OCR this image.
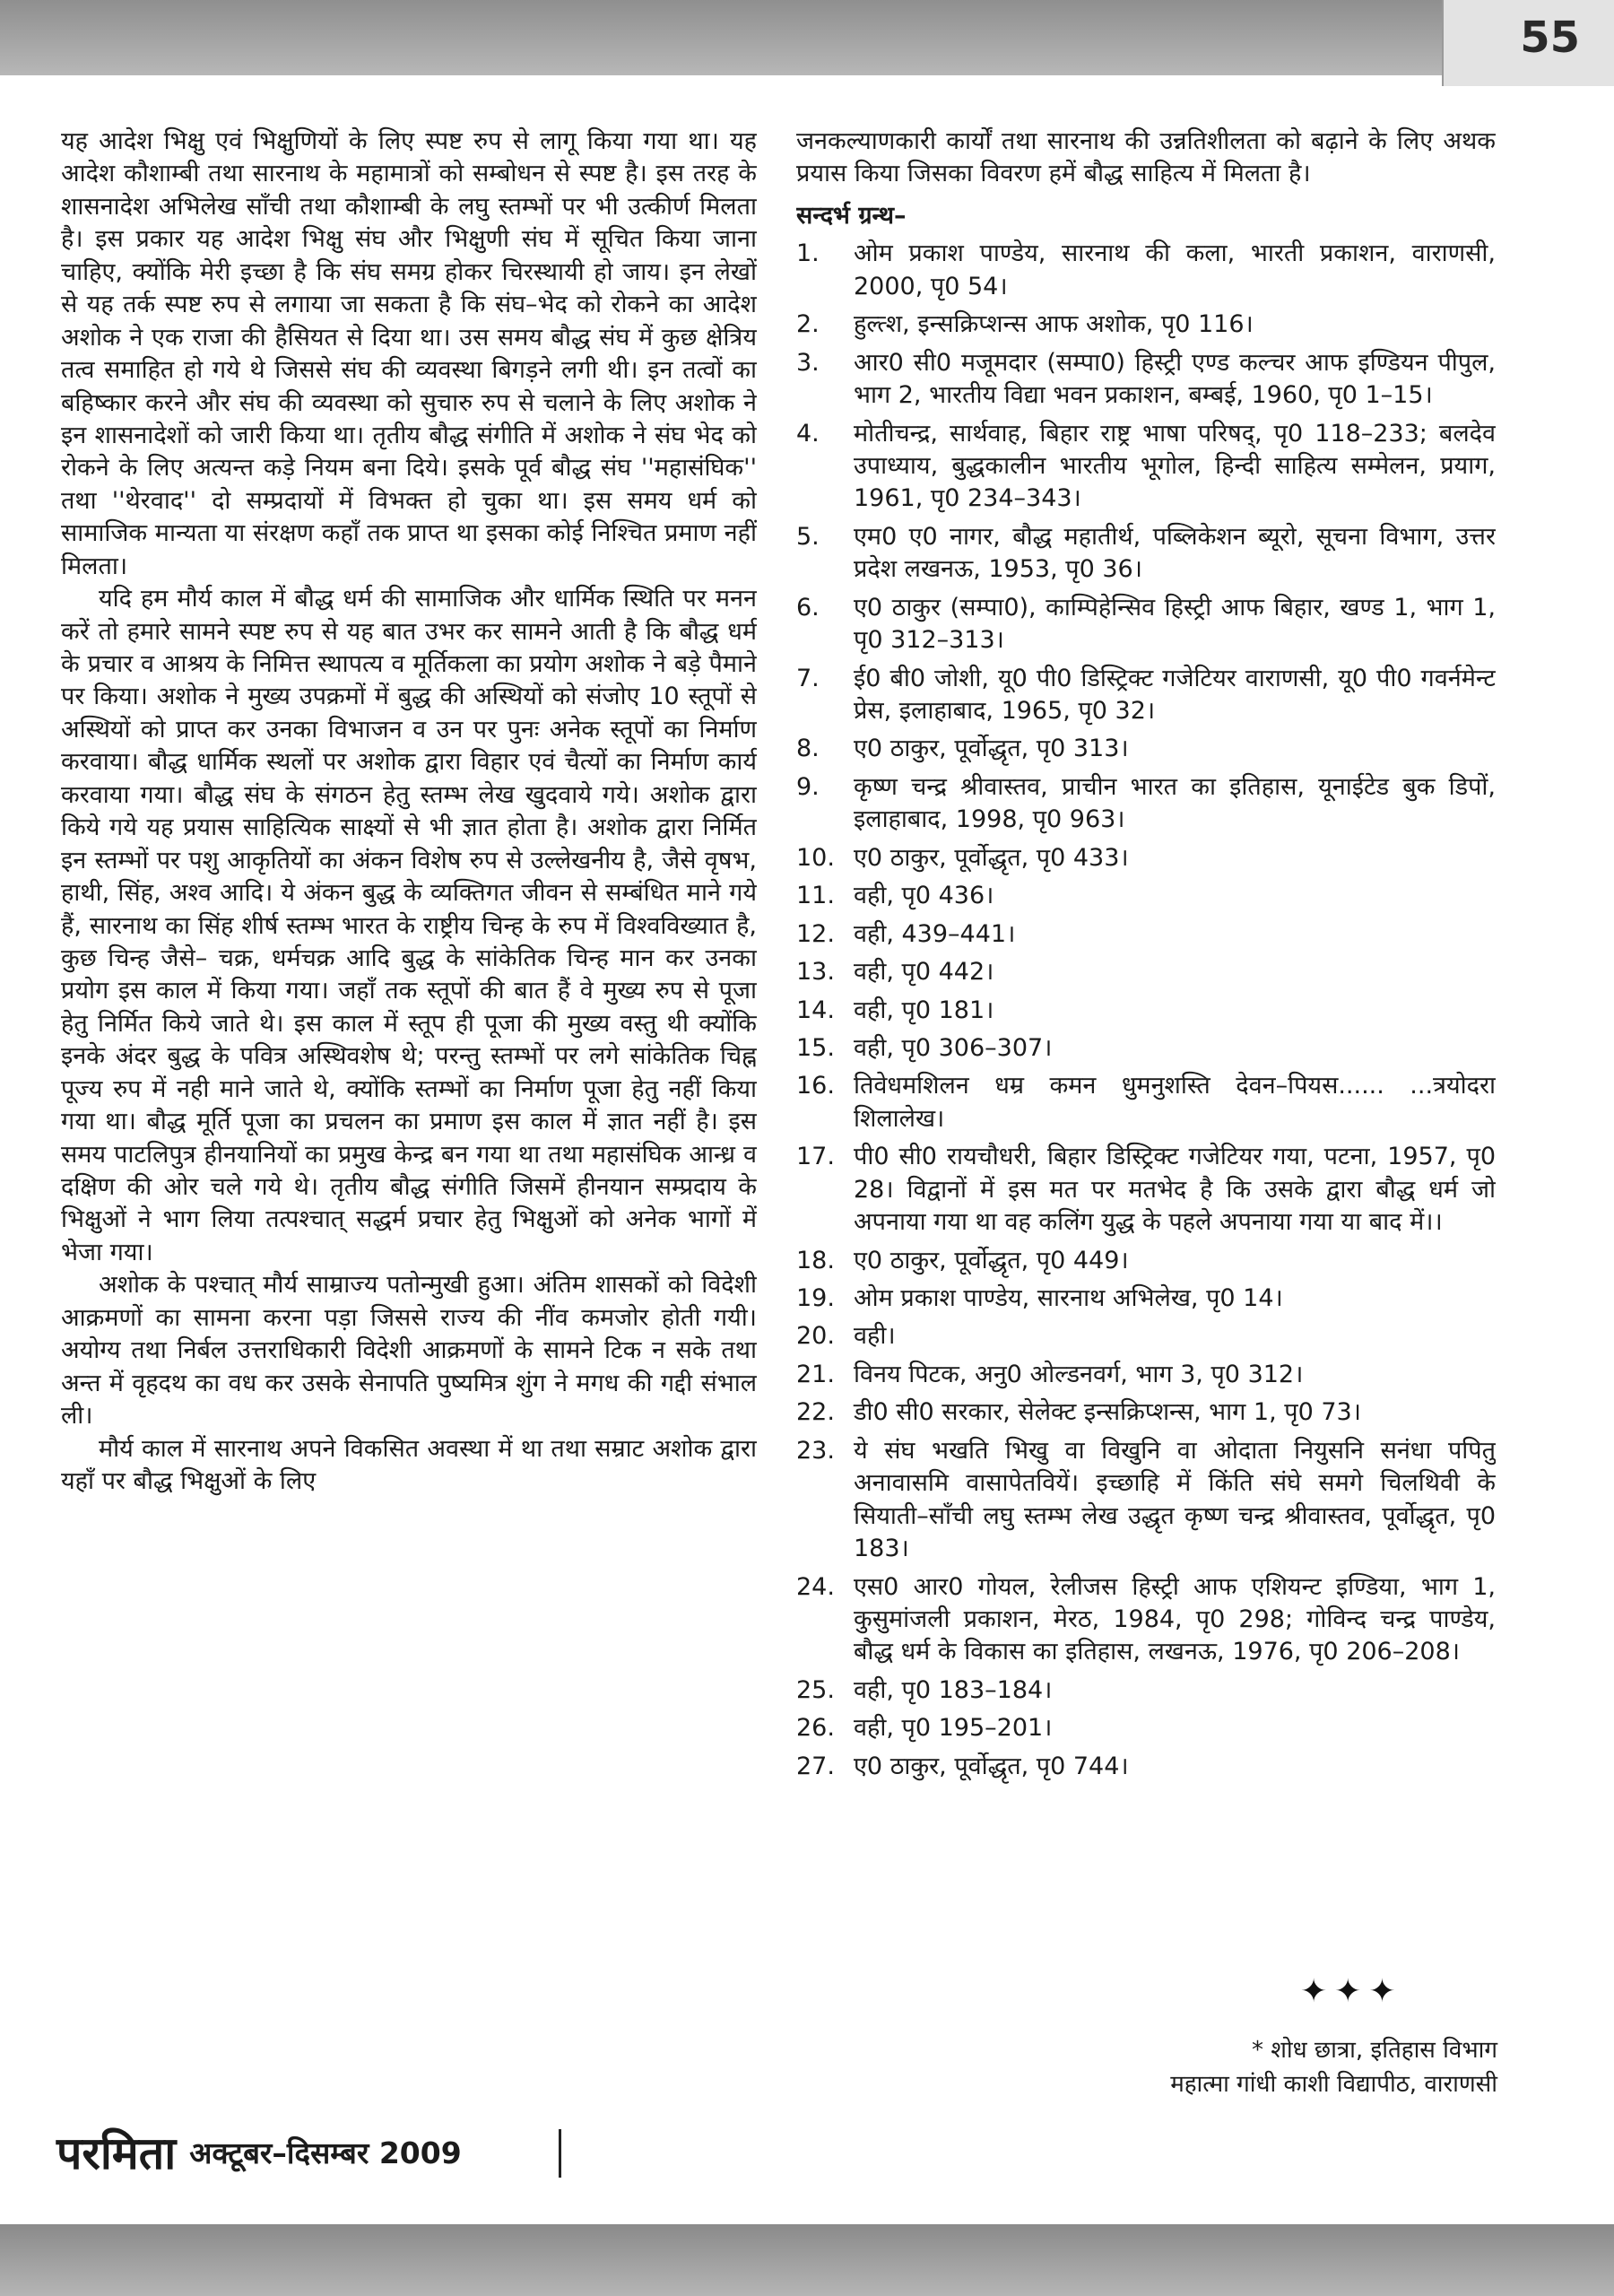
55

यह आदेश भिक्षु एवं भिक्षुणियों के लिए स्पष्ट रुप से लागू किया गया था। यह आदेश कौशाम्बी तथा सारनाथ के महामात्रों को सम्बोधन से स्पष्ट है। इस तरह के शासनादेश अभिलेख साँची तथा कौशाम्बी के लघु स्तम्भों पर भी उत्कीर्ण मिलता है। इस प्रकार यह आदेश भिक्षु संघ और भिक्षुणी संघ में सूचित किया जाना चाहिए, क्योंकि मेरी इच्छा है कि संघ समग्र होकर चिरस्थायी हो जाय। इन लेखों से यह तर्क स्पष्ट रुप से लगाया जा सकता है कि संघ–भेद को रोकने का आदेश अशोक ने एक राजा की हैसियत से दिया था। उस समय बौद्ध संघ में कुछ क्षेत्रिय तत्व समाहित हो गये थे जिससे संघ की व्यवस्था बिगड़ने लगी थी। इन तत्वों का बहिष्कार करने और संघ की व्यवस्था को सुचारु रुप से चलाने के लिए अशोक ने इन शासनादेशों को जारी किया था। तृतीय बौद्ध संगीति में अशोक ने संघ भेद को रोकने के लिए अत्यन्त कड़े नियम बना दिये। इसके पूर्व बौद्ध संघ ''महासंघिक'' तथा ''थेरवाद'' दो सम्प्रदायों में विभक्त हो चुका था। इस समय धर्म को सामाजिक मान्यता या संरक्षण कहाँ तक प्राप्त था इसका कोई निश्चित प्रमाण नहीं मिलता।

यदि हम मौर्य काल में बौद्ध धर्म की सामाजिक और धार्मिक स्थिति पर मनन करें तो हमारे सामने स्पष्ट रुप से यह बात उभर कर सामने आती है कि बौद्ध धर्म के प्रचार व आश्रय के निमित्त स्थापत्य व मूर्तिकला का प्रयोग अशोक ने बड़े पैमाने पर किया। अशोक ने मुख्य उपक्रमों में बुद्ध की अस्थियों को संजोए 10 स्तूपों से अस्थियों को प्राप्त कर उनका विभाजन व उन पर पुनः अनेक स्तूपों का निर्माण करवाया। बौद्ध धार्मिक स्थलों पर अशोक द्वारा विहार एवं चैत्यों का निर्माण कार्य करवाया गया। बौद्ध संघ के संगठन हेतु स्तम्भ लेख खुदवाये गये। अशोक द्वारा किये गये यह प्रयास साहित्यिक साक्ष्यों से भी ज्ञात होता है। अशोक द्वारा निर्मित इन स्तम्भों पर पशु आकृतियों का अंकन विशेष रुप से उल्लेखनीय है, जैसे वृषभ, हाथी, सिंह, अश्व आदि। ये अंकन बुद्ध के व्यक्तिगत जीवन से सम्बंधित माने गये हैं, सारनाथ का सिंह शीर्ष स्तम्भ भारत के राष्ट्रीय चिन्ह के रुप में विश्वविख्यात है, कुछ चिन्ह जैसे– चक्र, धर्मचक्र आदि बुद्ध के सांकेतिक चिन्ह मान कर उनका प्रयोग इस काल में किया गया। जहाँ तक स्तूपों की बात हैं वे मुख्य रुप से पूजा हेतु निर्मित किये जाते थे। इस काल में स्तूप ही पूजा की मुख्य वस्तु थी क्योंकि इनके अंदर बुद्ध के पवित्र अस्थिवशेष थे; परन्तु स्तम्भों पर लगे सांकेतिक चिह्न पूज्य रुप में नही माने जाते थे, क्योंकि स्तम्भों का निर्माण पूजा हेतु नहीं किया गया था। बौद्ध मूर्ति पूजा का प्रचलन का प्रमाण इस काल में ज्ञात नहीं है। इस समय पाटलिपुत्र हीनयानियों का प्रमुख केन्द्र बन गया था तथा महासंघिक आन्ध्र व दक्षिण की ओर चले गये थे। तृतीय बौद्ध संगीति जिसमें हीनयान सम्प्रदाय के भिक्षुओं ने भाग लिया तत्पश्चात् सद्धर्म प्रचार हेतु भिक्षुओं को अनेक भागों में भेजा गया।

अशोक के पश्चात् मौर्य साम्राज्य पतोन्मुखी हुआ। अंतिम शासकों को विदेशी आक्रमणों का सामना करना पड़ा जिससे राज्य की नींव कमजोर होती गयी। अयोग्य तथा निर्बल उत्तराधिकारी विदेशी आक्रमणों के सामने टिक न सके तथा अन्त में वृहदथ का वध कर उसके सेनापति पुष्यमित्र शुंग ने मगध की गद्दी संभाल ली।

मौर्य काल में सारनाथ अपने विकसित अवस्था में था तथा सम्राट अशोक द्वारा यहाँ पर बौद्ध भिक्षुओं के लिए

जनकल्याणकारी कार्यों तथा सारनाथ की उन्नतिशीलता को बढ़ाने के लिए अथक प्रयास किया जिसका विवरण हमें बौद्ध साहित्य में मिलता है।

सन्दर्भ ग्रन्थ–
1.	ओम प्रकाश पाण्डेय, सारनाथ की कला, भारती प्रकाशन, वाराणसी, 2000, पृ0 54।
2.	हुल्त्श, इन्सक्रिप्शन्स आफ अशोक, पृ0 116।
3.	आर0 सी0 मजूमदार (सम्पा0) हिस्ट्री एण्ड कल्चर आफ इण्डियन पीपुल, भाग 2, भारतीय विद्या भवन प्रकाशन, बम्बई, 1960, पृ0 1–15।
4.	मोतीचन्द्र, सार्थवाह, बिहार राष्ट्र भाषा परिषद्, पृ0 118–233; बलदेव उपाध्याय, बुद्धकालीन भारतीय भूगोल, हिन्दी साहित्य सम्मेलन, प्रयाग, 1961, पृ0 234–343।
5.	एम0 ए0 नागर, बौद्ध महातीर्थ, पब्लिकेशन ब्यूरो, सूचना विभाग, उत्तर प्रदेश लखनऊ, 1953, पृ0 36।
6.	ए0 ठाकुर (सम्पा0), काम्पिहेन्सिव हिस्ट्री आफ बिहार, खण्ड 1, भाग 1, पृ0 312–313।
7.	ई0 बी0 जोशी, यू0 पी0 डिस्ट्रिक्ट गजेटियर वाराणसी, यू0 पी0 गवर्नमेन्ट प्रेस, इलाहाबाद, 1965, पृ0 32।
8.	ए0 ठाकुर, पूर्वोद्धृत, पृ0 313।
9.	कृष्ण चन्द्र श्रीवास्तव, प्राचीन भारत का इतिहास, यूनाईटेड बुक डिपों, इलाहाबाद, 1998, पृ0 963।
10. ए0 ठाकुर, पूर्वोद्धृत, पृ0 433।
11. वही, पृ0 436।
12. वही, 439–441।
13. वही, पृ0 442।
14. वही, पृ0 181।
15. वही, पृ0 306–307।
16. तिवेधमशिलन धम्र कमन धुमनुशस्ति देवन–पियस...... ...त्रयोदरा शिलालेख।
17. पी0 सी0 रायचौधरी, बिहार डिस्ट्रिक्ट गजेटियर गया, पटना, 1957, पृ0 28। विद्वानों में इस मत पर मतभेद है कि उसके द्वारा बौद्ध धर्म जो अपनाया गया था वह कलिंग युद्ध के पहले अपनाया गया या बाद में।।
18. ए0 ठाकुर, पूर्वोद्धृत, पृ0 449।
19. ओम प्रकाश पाण्डेय, सारनाथ अभिलेख, पृ0 14।
20. वही।
21. विनय पिटक, अनु0 ओल्डनवर्ग, भाग 3, पृ0 312।
22. डी0 सी0 सरकार, सेलेक्ट इन्सक्रिप्शन्स, भाग 1, पृ0 73।
23. ये संघ भखति भिखु वा विखुनि वा ओदाता नियुसनि सनंधा पपितु अनावासमि वासापेतवियें। इच्छाहि में किंति संघे समगे चिलथिवी के सियाती–साँची लघु स्तम्भ लेख उद्धृत कृष्ण चन्द्र श्रीवास्तव, पूर्वोद्धृत, पृ0 183।
24. एस0 आर0 गोयल, रेलीजस हिस्ट्री आफ एशियन्ट इण्डिया, भाग 1, कुसुमांजली प्रकाशन, मेरठ, 1984, पृ0 298; गोविन्द चन्द्र पाण्डेय, बौद्ध धर्म के विकास का इतिहास, लखनऊ, 1976, पृ0 206–208।
25. वही, पृ0 183–184।
26. वही, पृ0 195–201।
27. ए0 ठाकुर, पूर्वोद्धृत, पृ0 744।
✦✦✦
* शोध छात्रा, इतिहास विभाग
महात्मा गांधी काशी विद्यापीठ, वाराणसी
परमिता अक्टूबर–दिसम्बर 2009
